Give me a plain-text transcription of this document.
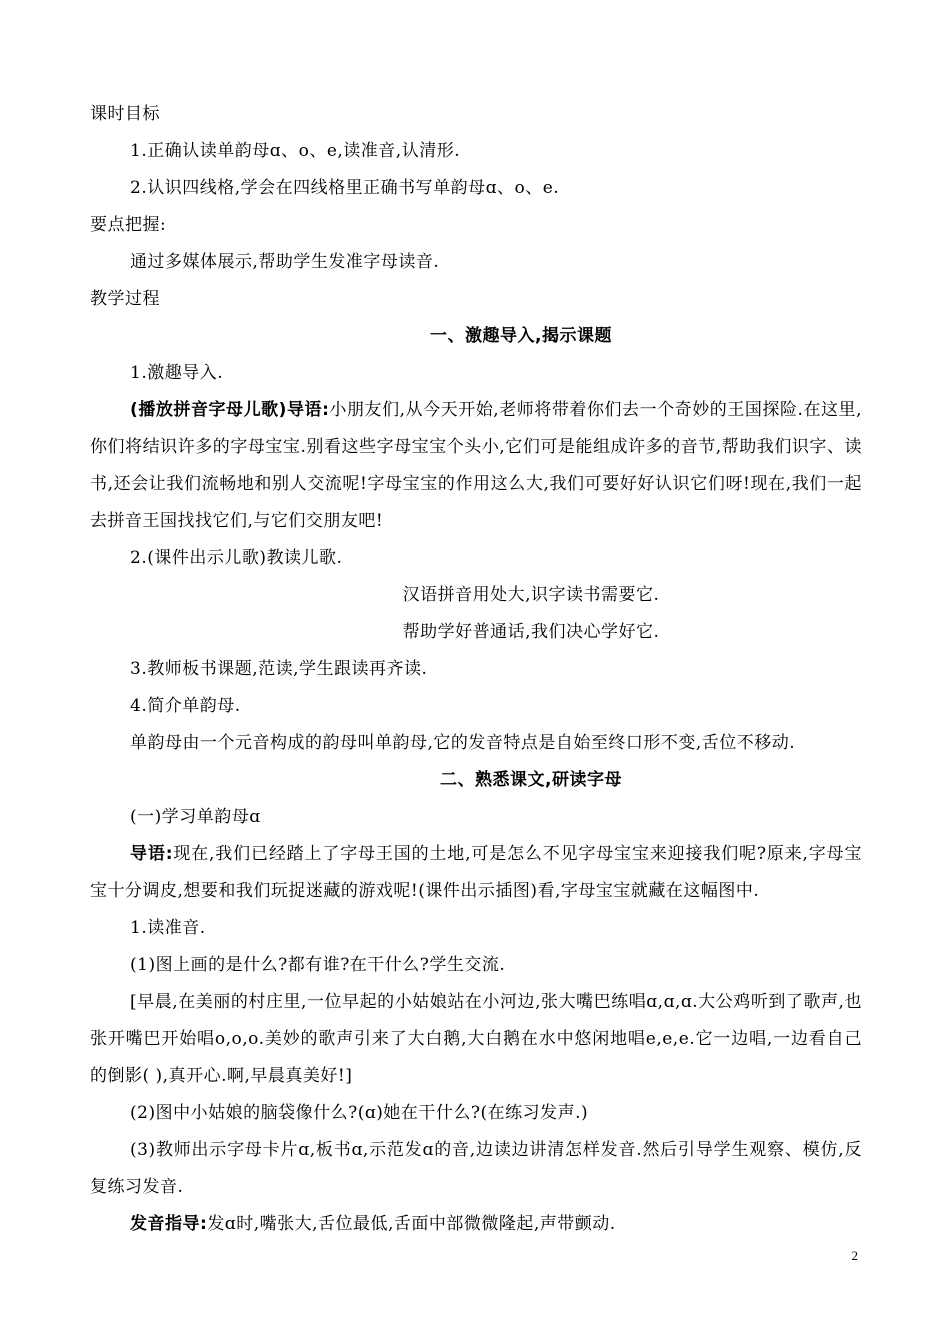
课时目标

1.正确认读单韵母ɑ、o、e,读准音,认清形.

2.认识四线格,学会在四线格里正确书写单韵母ɑ、o、e.

要点把握:

通过多媒体展示,帮助学生发准字母读音.

教学过程

一、激趣导入,揭示课题

1.激趣导入.

(播放拼音字母儿歌)导语:小朋友们,从今天开始,老师将带着你们去一个奇妙的王国探险.在这里,你们将结识许多的字母宝宝.别看这些字母宝宝个头小,它们可是能组成许多的音节,帮助我们识字、读书,还会让我们流畅地和别人交流呢!字母宝宝的作用这么大,我们可要好好认识它们呀!现在,我们一起去拼音王国找找它们,与它们交朋友吧!

2.(课件出示儿歌)教读儿歌.

汉语拼音用处大,识字读书需要它.

帮助学好普通话,我们决心学好它.

3.教师板书课题,范读,学生跟读再齐读.

4.简介单韵母.

单韵母由一个元音构成的韵母叫单韵母,它的发音特点是自始至终口形不变,舌位不移动.

二、熟悉课文,研读字母

(一)学习单韵母ɑ

导语:现在,我们已经踏上了字母王国的土地,可是怎么不见字母宝宝来迎接我们呢?原来,字母宝宝十分调皮,想要和我们玩捉迷藏的游戏呢!(课件出示插图)看,字母宝宝就藏在这幅图中.

1.读准音.

(1)图上画的是什么?都有谁?在干什么?学生交流.

[早晨,在美丽的村庄里,一位早起的小姑娘站在小河边,张大嘴巴练唱ɑ,ɑ,ɑ.大公鸡听到了歌声,也张开嘴巴开始唱o,o,o.美妙的歌声引来了大白鹅,大白鹅在水中悠闲地唱e,e,e.它一边唱,一边看自己的倒影( ),真开心.啊,早晨真美好!]

(2)图中小姑娘的脑袋像什么?(ɑ)她在干什么?(在练习发声.)

(3)教师出示字母卡片ɑ,板书ɑ,示范发ɑ的音,边读边讲清怎样发音.然后引导学生观察、模仿,反复练习发音.

发音指导:发ɑ时,嘴张大,舌位最低,舌面中部微微隆起,声带颤动.

2
